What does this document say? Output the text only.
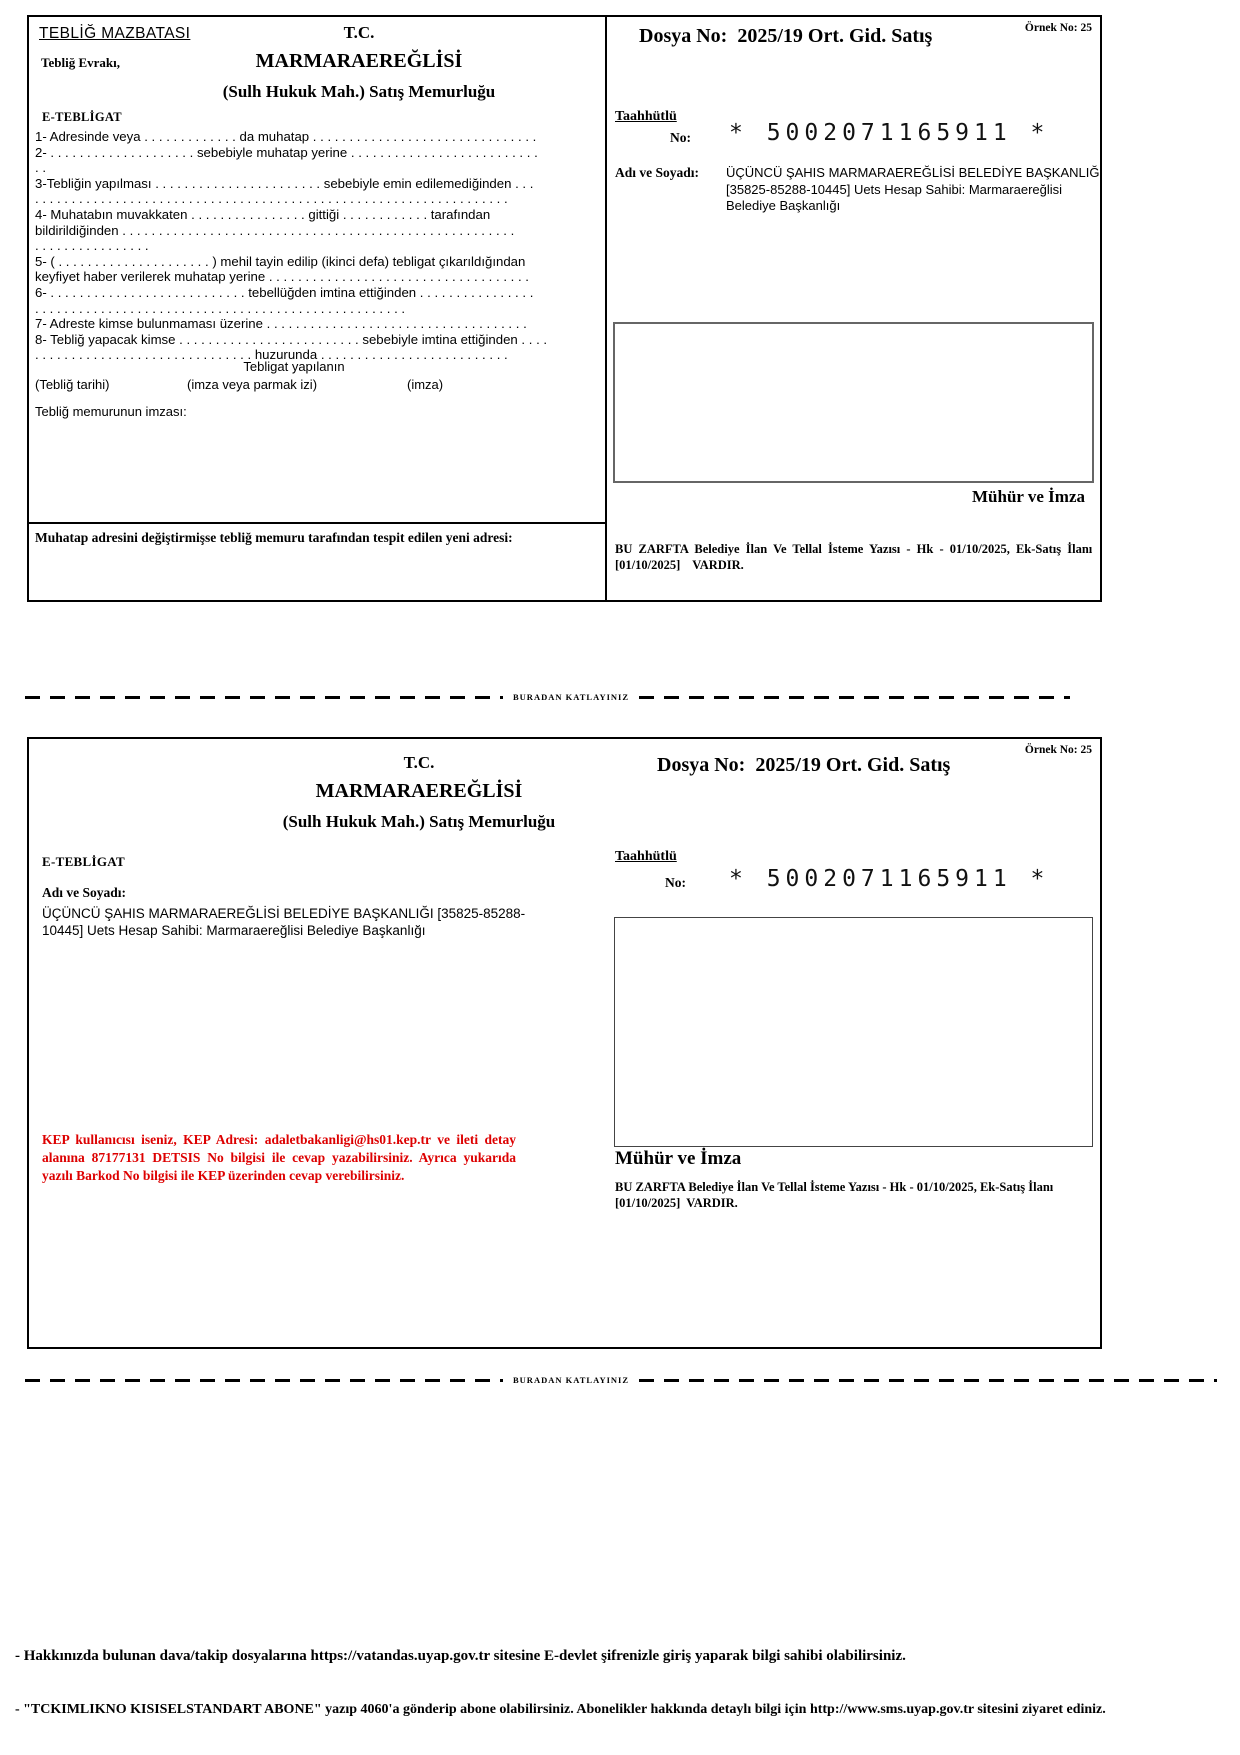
Örnek No: 25
TEBLİĞ MAZBATASI
Tebliğ Evrakı,
T.C.
MARMARAEREĞLİSİ
(Sulh Hukuk Mah.) Satış Memurluğu
Dosya No:  2025/19 Ort. Gid. Satış
E-TEBLİGAT
1- Adresinde veya . . . . . . . . . . . . . da muhatap . . . . . . . . . . . . . . . . . . . . . . . . . . . . . . .
2- . . . . . . . . . . . . . . . . . . . . sebebiyle muhatap yerine . . . . . . . . . . . . . . . . . . . . . . . . . .
. .
3-Tebliğin yapılması . . . . . . . . . . . . . . . . . . . . . . . sebebiyle emin edilemediğinden . . .
. . . . . . . . . . . . . . . . . . . . . . . . . . . . . . . . . . . . . . . . . . . . . . . . . . . . . . . . . . . . . . . . .
4- Muhatabın muvakkaten . . . . . . . . . . . . . . . . gittiği . . . . . . . . . . . . tarafından
bildirildiğinden . . . . . . . . . . . . . . . . . . . . . . . . . . . . . . . . . . . . . . . . . . . . . . . . . . . . . .
. . . . . . . . . . . . . . . .
5- ( . . . . . . . . . . . . . . . . . . . . . ) mehil tayin edilip (ikinci defa) tebligat çıkarıldığından
keyfiyet haber verilerek muhatap yerine . . . . . . . . . . . . . . . . . . . . . . . . . . . . . . . . . . . .
6- . . . . . . . . . . . . . . . . . . . . . . . . . . . tebellüğden imtina ettiğinden . . . . . . . . . . . . . . . .
. . . . . . . . . . . . . . . . . . . . . . . . . . . . . . . . . . . . . . . . . . . . . . . . . . .
7- Adreste kimse bulunmaması üzerine . . . . . . . . . . . . . . . . . . . . . . . . . . . . . . . . . . . .
8- Tebliğ yapacak kimse . . . . . . . . . . . . . . . . . . . . . . . . . sebebiyle imtina ettiğinden . . . .
. . . . . . . . . . . . . . . . . . . . . . . . . . . . . . huzurunda . . . . . . . . . . . . . . . . . . . . . . . . . .
Tebligat yapılanın
(Tebliğ tarihi)	(imza veya parmak izi)	(imza)
Tebliğ memurunun imzası:
Muhatap adresini değiştirmişse tebliğ memuru tarafından tespit edilen yeni adresi:
Taahhütlü
No: * 5002071165911 *
Adı ve Soyadı: ÜÇÜNCÜ ŞAHIS MARMARAEREĞLİSİ BELEDİYE BAŞKANLIĞI [35825-85288-10445] Uets Hesap Sahibi: Marmaraereğlisi Belediye Başkanlığı
Mühür ve İmza
BU ZARFTA Belediye İlan Ve Tellal İsteme Yazısı - Hk - 01/10/2025, Ek-Satış İlanı [01/10/2025]  VARDIR.
BURADAN KATLAYINIZ
Örnek No: 25
T.C.
MARMARAEREĞLİSİ
(Sulh Hukuk Mah.) Satış Memurluğu
Dosya No:  2025/19 Ort. Gid. Satış
E-TEBLİGAT
Adı ve Soyadı:
ÜÇÜNCÜ ŞAHIS MARMARAEREĞLİSİ BELEDİYE BAŞKANLIĞI [35825-85288-10445] Uets Hesap Sahibi: Marmaraereğlisi Belediye Başkanlığı
Taahhütlü
No: * 5002071165911 *
Mühür ve İmza
BU ZARFTA Belediye İlan Ve Tellal İsteme Yazısı - Hk - 01/10/2025, Ek-Satış İlanı [01/10/2025]  VARDIR.
KEP kullanıcısı iseniz, KEP Adresi: adaletbakanligi@hs01.kep.tr ve ileti detay alanına 87177131 DETSIS No bilgisi ile cevap yazabilirsiniz. Ayrıca yukarıda yazılı Barkod No bilgisi ile KEP üzerinden cevap verebilirsiniz.
BURADAN KATLAYINIZ
- Hakkınızda bulunan dava/takip dosyalarına https://vatandas.uyap.gov.tr sitesine E-devlet şifrenizle giriş yaparak bilgi sahibi olabilirsiniz.
- "TCKIMLIKNO KISISELSTANDART ABONE" yazıp 4060'a gönderip abone olabilirsiniz. Abonelikler hakkında detaylı bilgi için http://www.sms.uyap.gov.tr sitesini ziyaret ediniz.
